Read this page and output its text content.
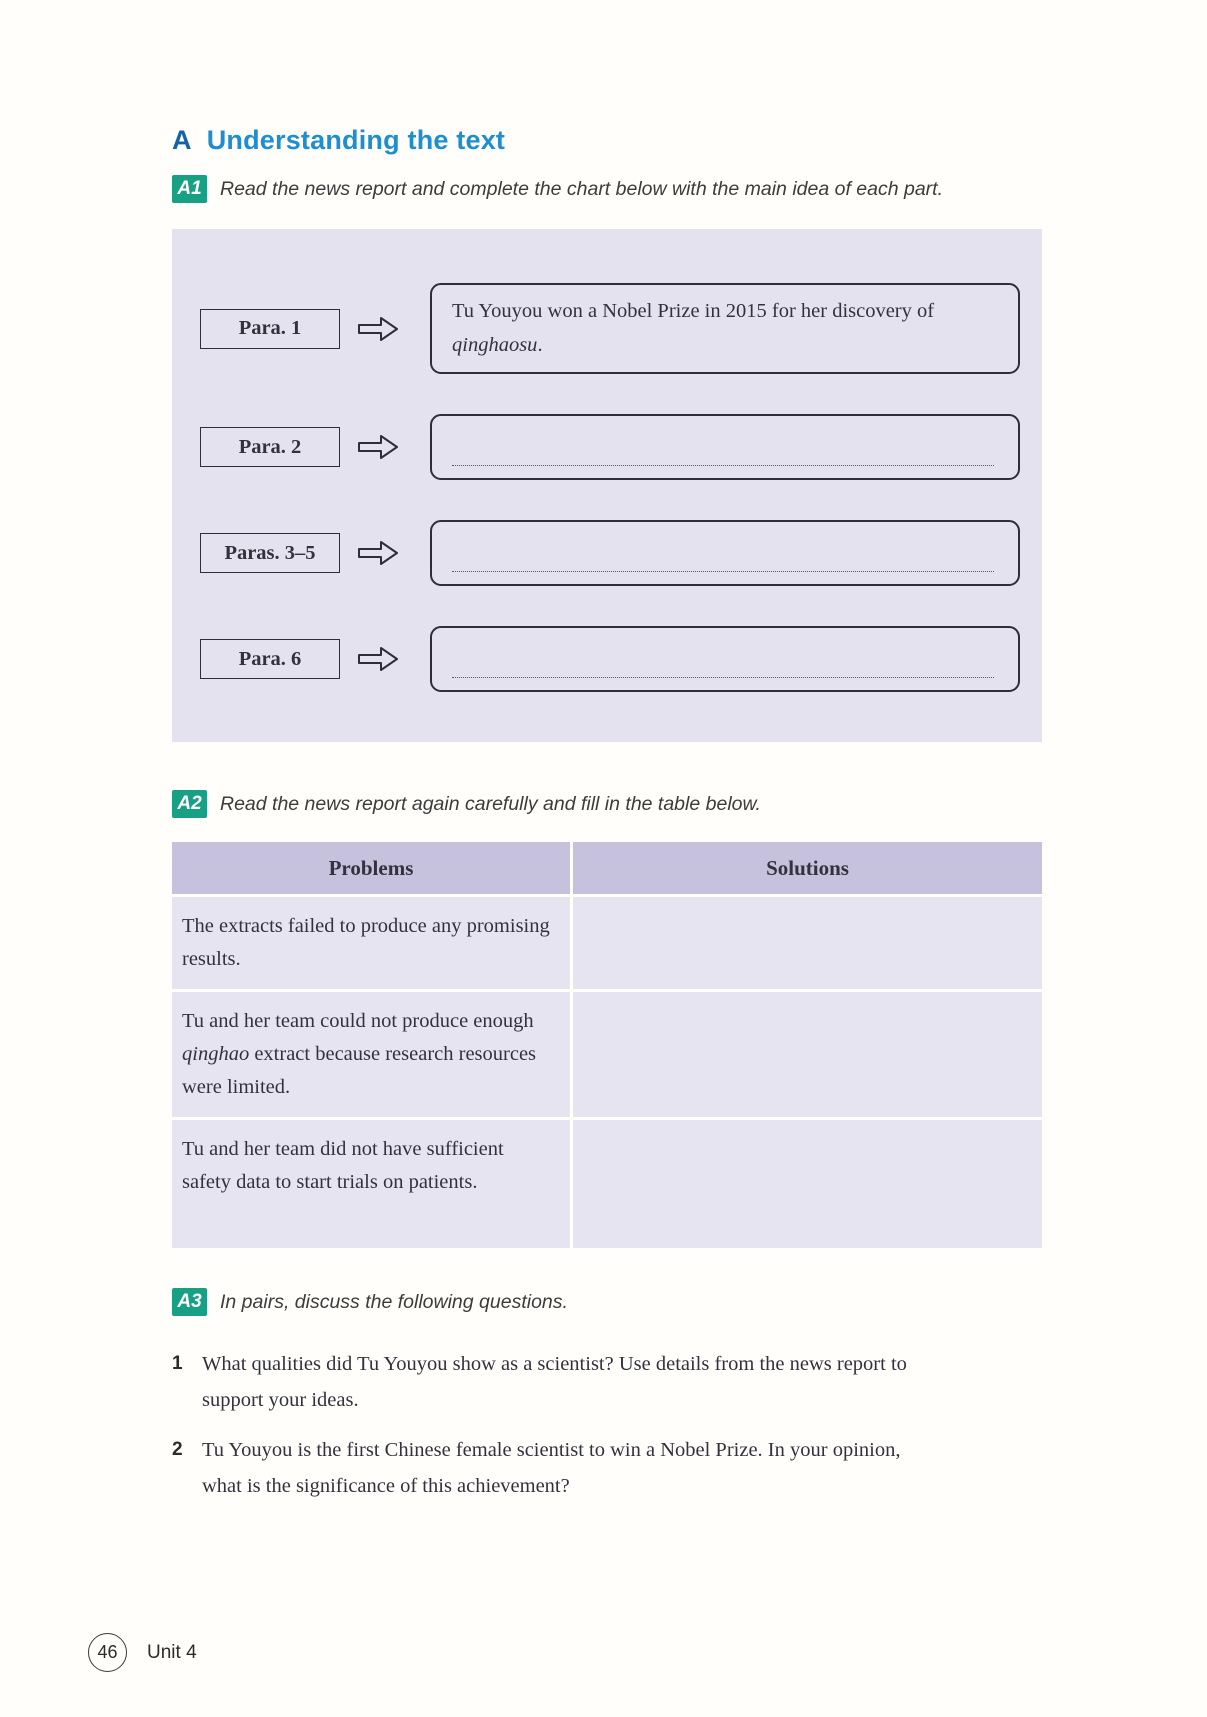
A Understanding the text
A1 Read the news report and complete the chart below with the main idea of each part.
Para. 1
Tu Youyou won a Nobel Prize in 2015 for her discovery of qinghaosu.
Para. 2
Paras. 3–5
Para. 6
A2 Read the news report again carefully and fill in the table below.
Problems	Solutions
The extracts failed to produce any promising results.
Tu and her team could not produce enough qinghao extract because research resources were limited.
Tu and her team did not have sufficient safety data to start trials on patients.
A3 In pairs, discuss the following questions.
1 What qualities did Tu Youyou show as a scientist? Use details from the news report to support your ideas.
2 Tu Youyou is the first Chinese female scientist to win a Nobel Prize. In your opinion, what is the significance of this achievement?
46 Unit 4
